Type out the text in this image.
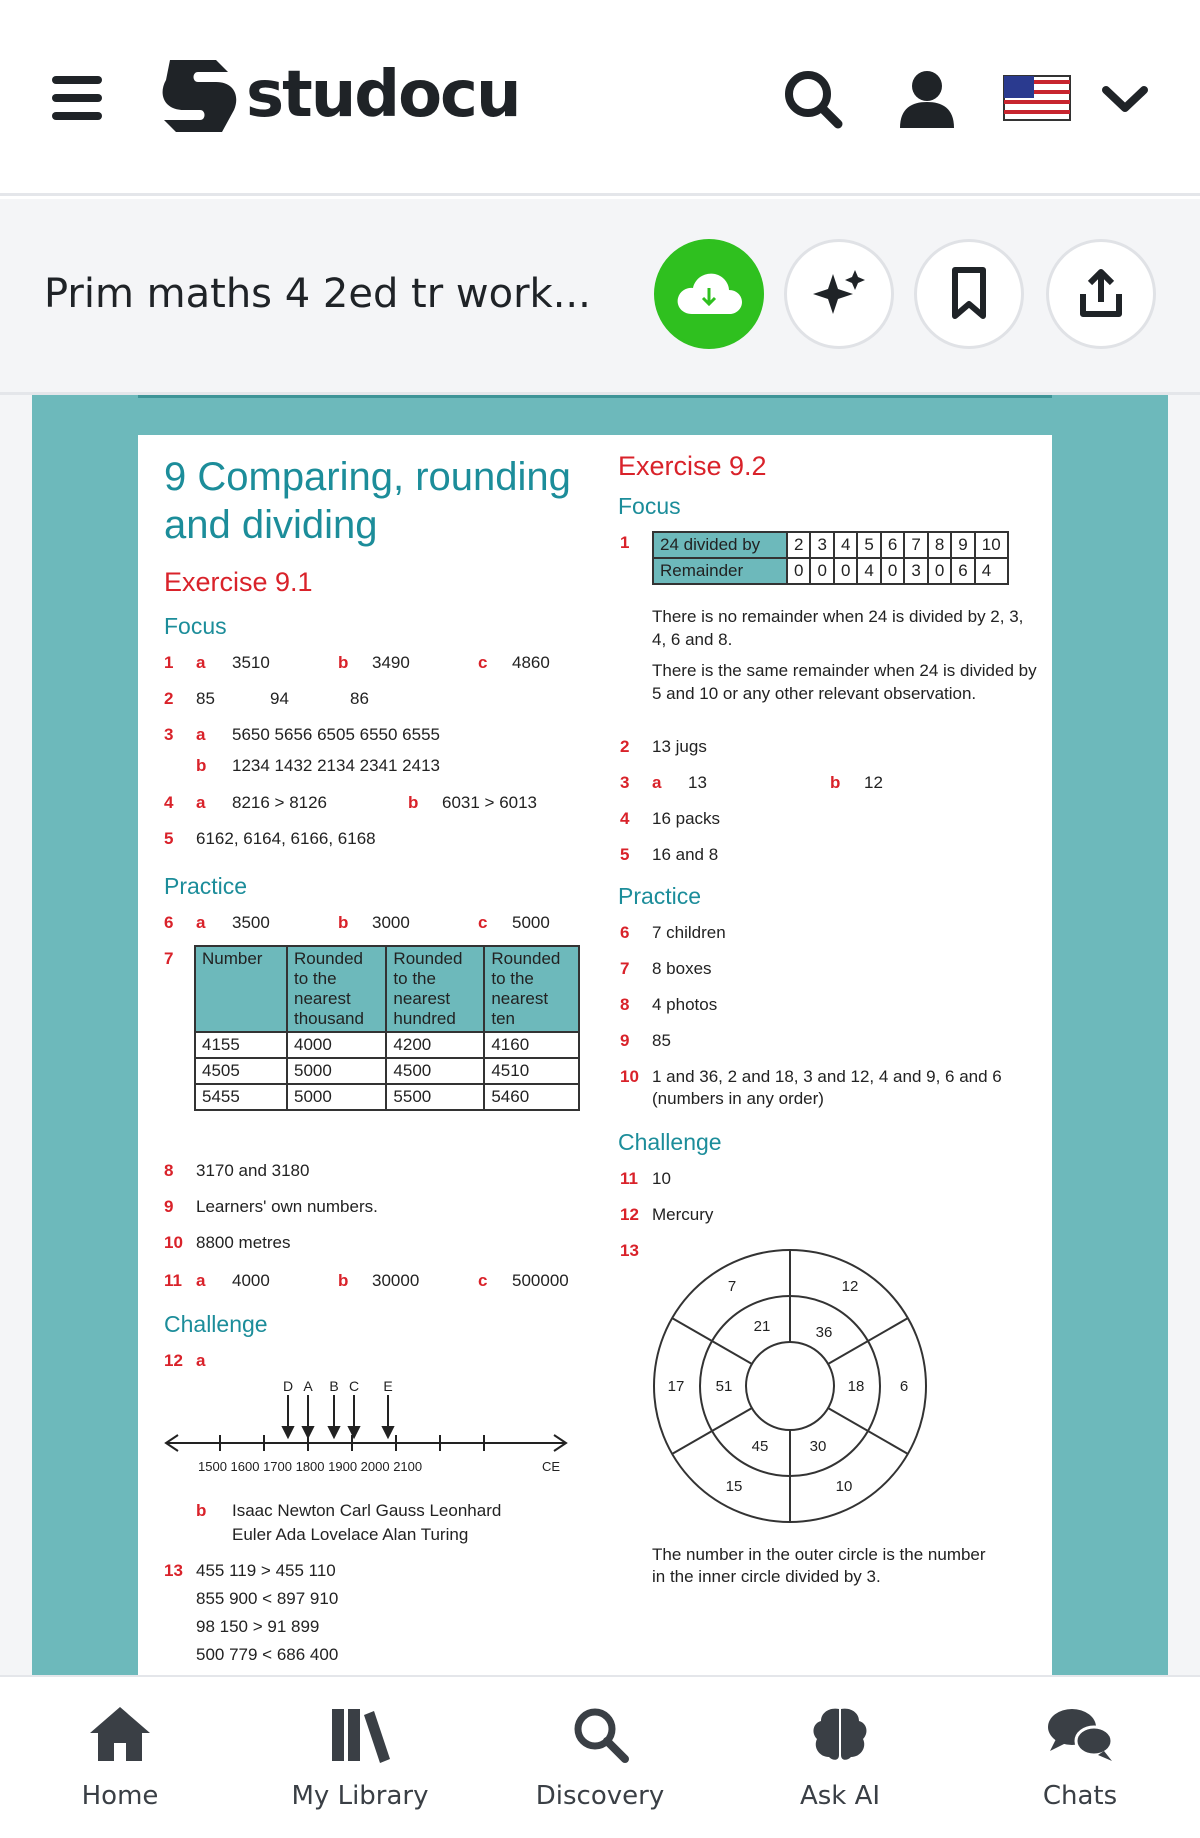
studocu
Prim maths 4 2ed tr work...
9 Comparing, rounding
and dividing
Exercise 9.1
Focus
1 a 3510	b 3490	c 4860
2 85	94	86
3 a 5650 5656 6505 6550 6555
b 1234 1432 2134 2341 2413
4 a 8216 > 8126	b 6031 > 6013
5 6162, 6164, 6166, 6168
Practice
6 a 3500	b 3000	c 5000
7 Number	Rounded to the nearest thousand	Rounded to the nearest hundred	Rounded to the nearest ten
4155	4000	4200	4160
4505	5000	4500	4510
5455	5000	5500	5460
8 3170 and 3180
9 Learners' own numbers.
10 8800 metres
11 a 4000	b 30000	c 500000
Challenge
12 a
D A B C E
1500 1600 1700 1800 1900 2000 2100	CE
b Isaac Newton Carl Gauss Leonhard
Euler Ada Lovelace Alan Turing
13 455 119 > 455 110
855 900 < 897 910
98 150 > 91 899
500 779 < 686 400
Exercise 9.2
Focus
1 24 divided by	2	3	4	5	6	7	8	9	10
Remainder	0	0	0	4	0	3	0	6	4
There is no remainder when 24 is divided by 2, 3, 4, 6 and 8.
There is the same remainder when 24 is divided by 5 and 10 or any other relevant observation.
2 13 jugs
3 a 13	b 12
4 16 packs
5 16 and 8
Practice
6 7 children
7 8 boxes
8 4 photos
9 85
10 1 and 36, 2 and 18, 3 and 12, 4 and 9, 6 and 6
(numbers in any order)
Challenge
11 10
12 Mercury
13
7	12
6
10
15
17
21	36
18
30
45
51
The number in the outer circle is the number
in the inner circle divided by 3.
Home	My Library	Discovery	Ask AI	Chats
